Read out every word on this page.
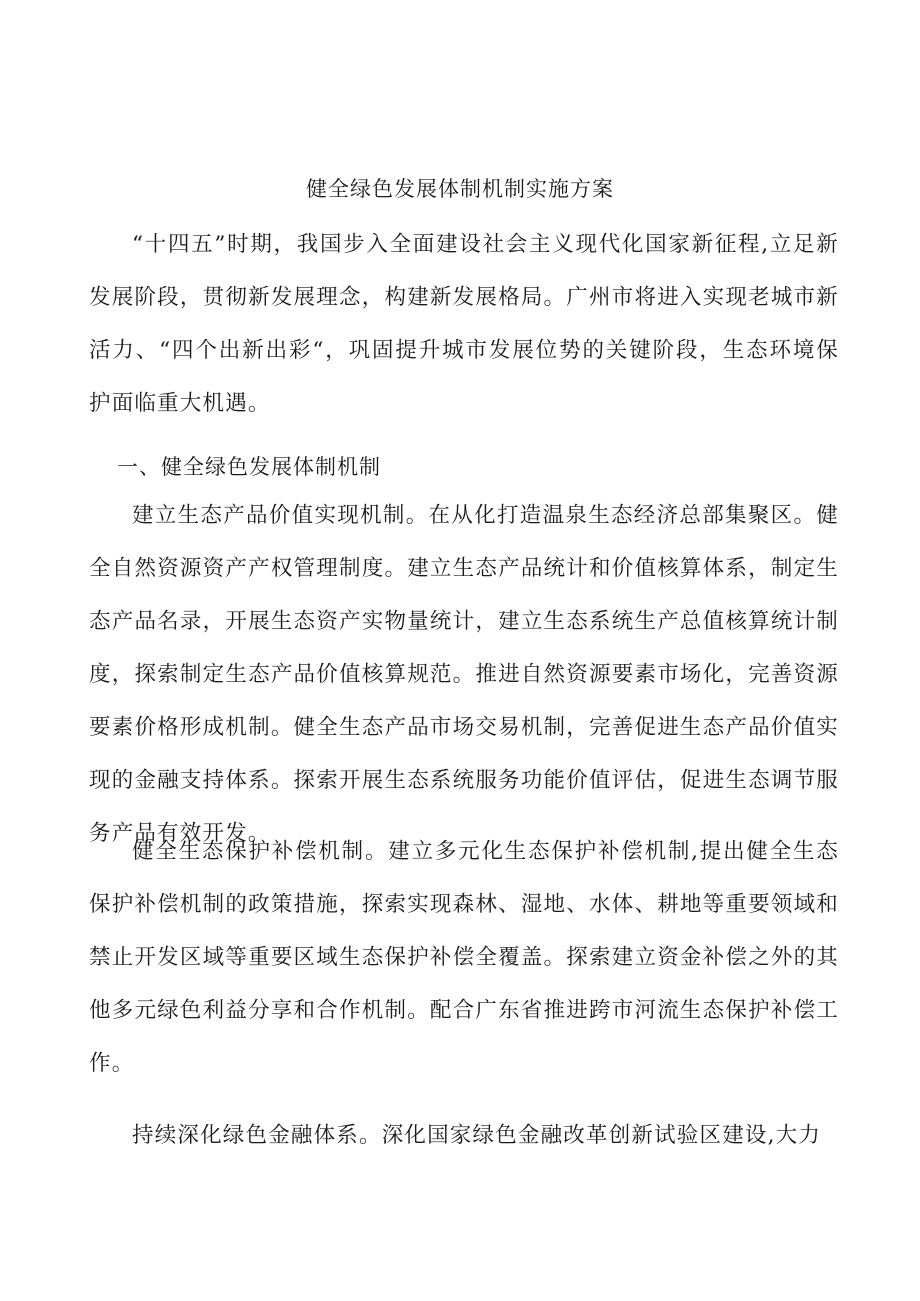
健全绿色发展体制机制实施方案

“十四五”时期，我国步入全面建设社会主义现代化国家新征程,立足新发展阶段，贯彻新发展理念，构建新发展格局。广州市将进入实现老城市新活力、“四个出新出彩“，巩固提升城市发展位势的关键阶段，生态环境保护面临重大机遇。

一、健全绿色发展体制机制

建立生态产品价值实现机制。在从化打造温泉生态经济总部集聚区。健全自然资源资产产权管理制度。建立生态产品统计和价值核算体系，制定生态产品名录，开展生态资产实物量统计，建立生态系统生产总值核算统计制度，探索制定生态产品价值核算规范。推进自然资源要素市场化，完善资源要素价格形成机制。健全生态产品市场交易机制，完善促进生态产品价值实现的金融支持体系。探索开展生态系统服务功能价值评估，促进生态调节服务产品有效开发。

健全生态保护补偿机制。建立多元化生态保护补偿机制,提出健全生态保护补偿机制的政策措施，探索实现森林、湿地、水体、耕地等重要领域和禁止开发区域等重要区域生态保护补偿全覆盖。探索建立资金补偿之外的其他多元绿色利益分享和合作机制。配合广东省推进跨市河流生态保护补偿工作。

持续深化绿色金融体系。深化国家绿色金融改革创新试验区建设,大力
